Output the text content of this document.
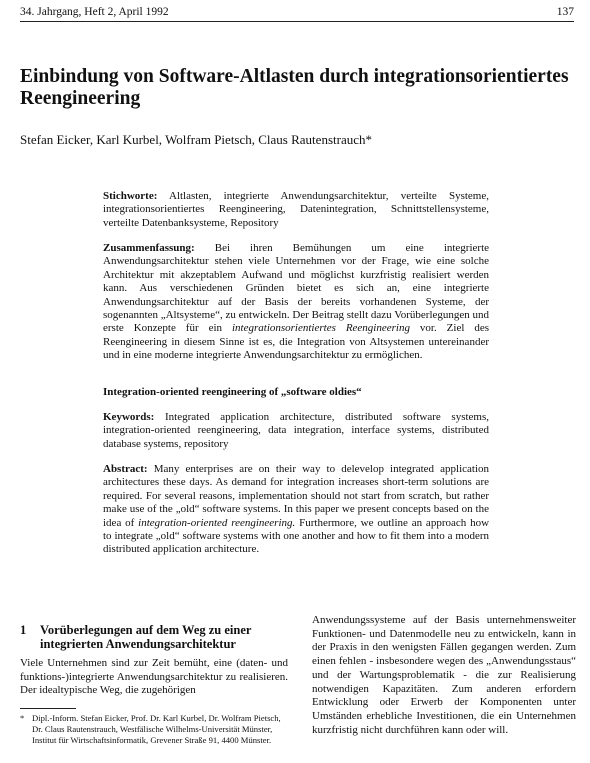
34. Jahrgang, Heft 2, April 1992	137
Einbindung von Software-Altlasten durch integrationsorientiertes Reengineering
Stefan Eicker, Karl Kurbel, Wolfram Pietsch, Claus Rautenstrauch*
Stichworte: Altlasten, integrierte Anwendungsarchitektur, verteilte Systeme, integrationsorientiertes Reengineering, Datenintegration, Schnittstellensysteme, verteilte Datenbanksysteme, Repository
Zusammenfassung: Bei ihren Bemühungen um eine integrierte Anwendungsarchitektur stehen viele Unternehmen vor der Frage, wie eine solche Architektur mit akzeptablem Aufwand und möglichst kurzfristig realisiert werden kann. Aus verschiedenen Gründen bietet es sich an, eine integrierte Anwendungsarchitektur auf der Basis der bereits vorhandenen Systeme, der sogenannten „Altsysteme“, zu entwickeln. Der Beitrag stellt dazu Vorüberlegungen und erste Konzepte für ein integrationsorientiertes Reengineering vor. Ziel des Reengineering in diesem Sinne ist es, die Integration von Altsystemen untereinander und in eine moderne integrierte Anwendungsarchitektur zu ermöglichen.
Integration-oriented reengineering of „software oldies“
Keywords: Integrated application architecture, distributed software systems, integration-oriented reengineering, data integration, interface systems, distributed database systems, repository
Abstract: Many enterprises are on their way to delevelop integrated application architectures these days. As demand for integration increases short-term solutions are required. For several reasons, implementation should not start from scratch, but rather make use of the „old“ software systems. In this paper we present concepts based on the idea of integration-oriented reengineering. Furthermore, we outline an approach how to integrate „old“ software systems with one another and how to fit them into a modern distributed application architecture.
1	Vorüberlegungen auf dem Weg zu einer integrierten Anwendungsarchitektur

Viele Unternehmen sind zur Zeit bemüht, eine (daten- und funktions-)integrierte Anwendungsarchitektur zu realisieren. Der idealtypische Weg, die zugehörigen

* Dipl.-Inform. Stefan Eicker, Prof. Dr. Karl Kurbel, Dr. Wolfram Pietsch, Dr. Claus Rautenstrauch, Westfälische Wilhelms-Universität Münster, Institut für Wirtschaftsinformatik, Grevener Straße 91, 4400 Münster.

Anwendungssysteme auf der Basis unternehmensweiter Funktionen- und Datenmodelle neu zu entwickeln, kann in der Praxis in den wenigsten Fällen gegangen werden. Zum einen fehlen - insbesondere wegen des „Anwendungsstaus“ und der Wartungsproblematik - die zur Realisierung notwendigen Kapazitäten. Zum anderen erfordern Entwicklung oder Erwerb der Komponenten unter Umständen erhebliche Investitionen, die ein Unternehmen kurzfristig nicht durchführen kann oder will.
